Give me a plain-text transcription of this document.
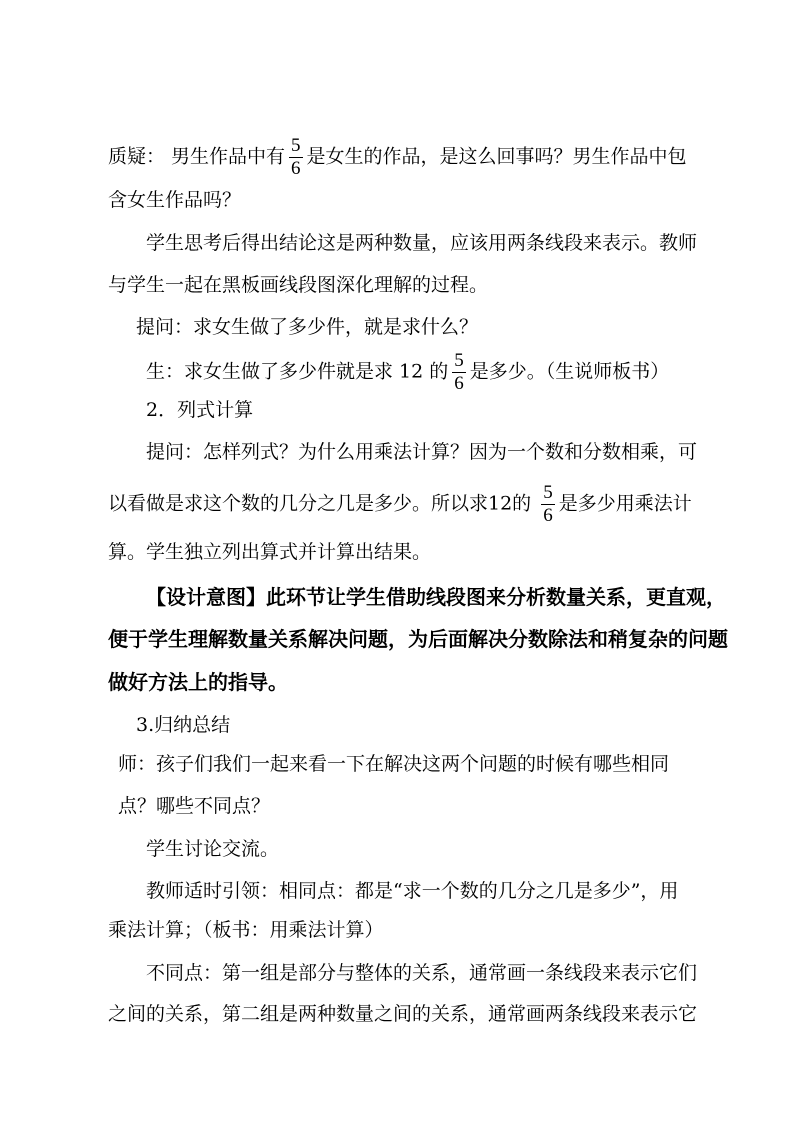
质疑： 男生作品中有 $\frac{5}{6}$ 是女生的作品，是这么回事吗？男生作品中包
含女生作品吗？
学生思考后得出结论这是两种数量，应该用两条线段来表示。教师
与学生一起在黑板画线段图深化理解的过程。
提问：求女生做了多少件，就是求什么？
生：求女生做了多少件就是求 12 的 $\frac{5}{6}$ 是多少。（生说师板书）
2．列式计算
提问：怎样列式？为什么用乘法计算？因为一个数和分数相乘，可
以看做是求这个数的几分之几是多少。所以求12的 $\frac{5}{6}$ 是多少用乘法计
算。学生独立列出算式并计算出结果。
【设计意图】此环节让学生借助线段图来分析数量关系，更直观，
便于学生理解数量关系解决问题，为后面解决分数除法和稍复杂的问题
做好方法上的指导。
3.归纳总结
师：孩子们我们一起来看一下在解决这两个问题的时候有哪些相同
点？哪些不同点？
学生讨论交流。
教师适时引领：相同点：都是“求一个数的几分之几是多少”，用
乘法计算；（板书：用乘法计算）
不同点：第一组是部分与整体的关系，通常画一条线段来表示它们
之间的关系，第二组是两种数量之间的关系，通常画两条线段来表示它
